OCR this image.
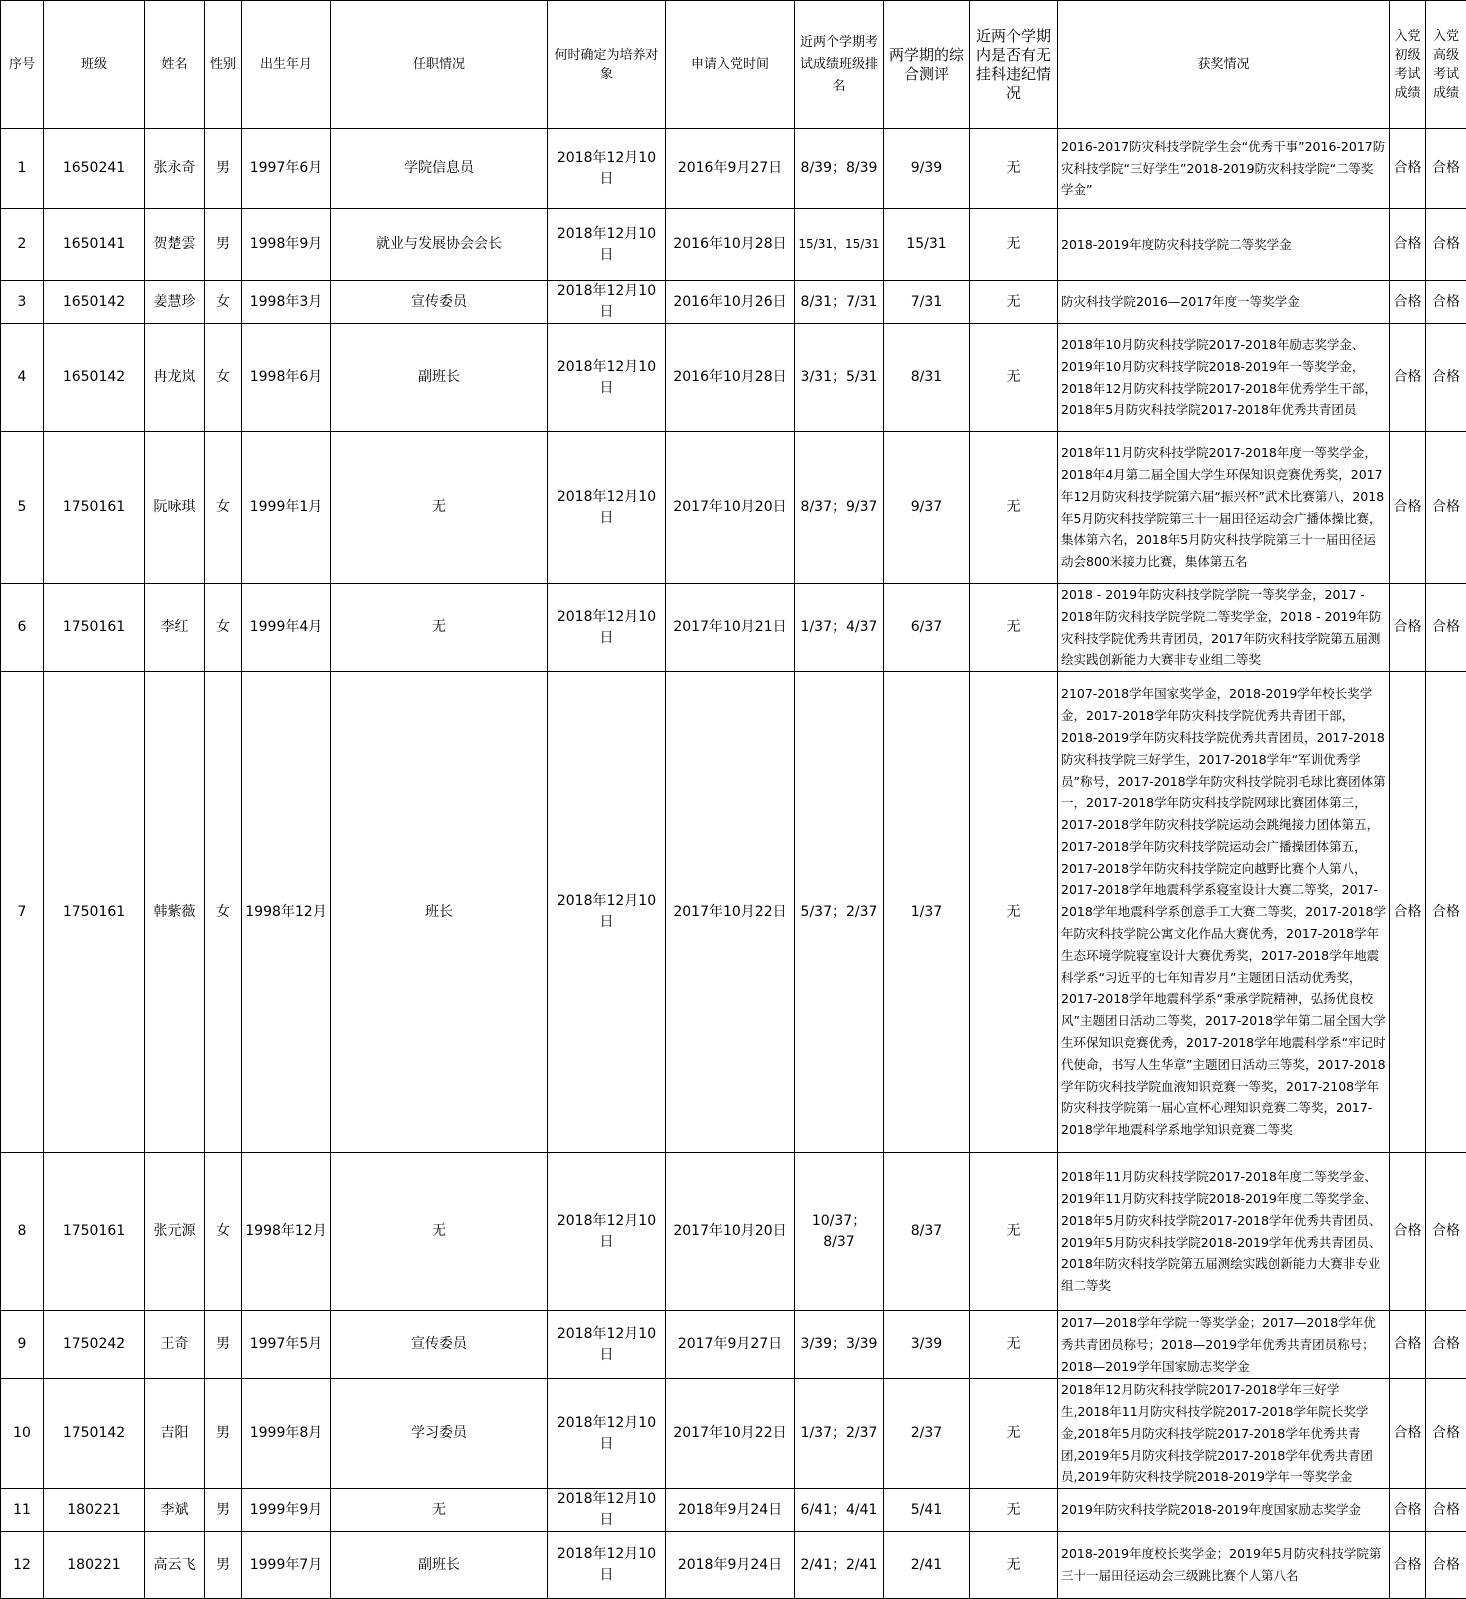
序号	班级	姓名	性别	出生年月	任职情况	何时确定为培养对象	申请入党时间	近两个学期考试成绩班级排名	两学期的综合测评	近两个学期内是否有无挂科违纪情况	获奖情况	入党初级考试成绩	入党高级考试成绩
1	1650241	张永奇	男	1997年6月	学院信息员	2018年12月10日	2016年9月27日	8/39；8/39	9/39	无	2016-2017防灾科技学院学生会“优秀干事”2016-2017防灾科技学院“三好学生”2018-2019防灾科技学院“二等奖学金”	合格	合格
2	1650141	贺楚雲	男	1998年9月	就业与发展协会会长	2018年12月10日	2016年10月28日	15/31，15/31	15/31	无	2018-2019年度防灾科技学院二等奖学金	合格	合格
3	1650142	姜慧珍	女	1998年3月	宣传委员	2018年12月10日	2016年10月26日	8/31；7/31	7/31	无	防灾科技学院2016—2017年度一等奖学金	合格	合格
4	1650142	冉龙岚	女	1998年6月	副班长	2018年12月10日	2016年10月28日	3/31；5/31	8/31	无	2018年10月防灾科技学院2017-2018年励志奖学金、2019年10月防灾科技学院2018-2019年一等奖学金，2018年12月防灾科技学院2017-2018年优秀学生干部，2018年5月防灾科技学院2017-2018年优秀共青团员	合格	合格
5	1750161	阮咏琪	女	1999年1月	无	2018年12月10日	2017年10月20日	8/37；9/37	9/37	无	2018年11月防灾科技学院2017-2018年度一等奖学金，2018年4月第二届全国大学生环保知识竞赛优秀奖，2017年12月防灾科技学院第六届“振兴杯”武术比赛第八，2018年5月防灾科技学院第三十一届田径运动会广播体操比赛，集体第六名，2018年5月防灾科技学院第三十一届田径运动会800米接力比赛，集体第五名	合格	合格
6	1750161	李红	女	1999年4月	无	2018年12月10日	2017年10月21日	1/37；4/37	6/37	无	2018 - 2019年防灾科技学院学院一等奖学金，2017 - 2018年防灾科技学院学院二等奖学金，2018 - 2019年防灾科技学院优秀共青团员，2017年防灾科技学院第五届测绘实践创新能力大赛非专业组二等奖	合格	合格
7	1750161	韩紫薇	女	1998年12月	班长	2018年12月10日	2017年10月22日	5/37；2/37	1/37	无	2107-2018学年国家奖学金，2018-2019学年校长奖学金，2017-2018学年防灾科技学院优秀共青团干部，2018-2019学年防灾科技学院优秀共青团员，2017-2018防灾科技学院三好学生，2017-2018学年“军训优秀学员”称号，2017-2018学年防灾科技学院羽毛球比赛团体第一，2017-2018学年防灾科技学院网球比赛团体第三，2017-2018学年防灾科技学院运动会跳绳接力团体第五，2017-2018学年防灾科技学院运动会广播操团体第五，2017-2018学年防灾科技学院定向越野比赛个人第八，2017-2018学年地震科学系寝室设计大赛二等奖，2017-2018学年地震科学系创意手工大赛二等奖，2017-2018学年防灾科技学院公寓文化作品大赛优秀，2017-2018学年生态环境学院寝室设计大赛优秀奖，2017-2018学年地震科学系“习近平的七年知青岁月”主题团日活动优秀奖，2017-2018学年地震科学系“秉承学院精神，弘扬优良校风”主题团日活动二等奖，2017-2018学年第二届全国大学生环保知识竞赛优秀，2017-2018学年地震科学系“牢记时代使命，书写人生华章”主题团日活动三等奖，2017-2018学年防灾科技学院血液知识竞赛一等奖，2017-2108学年防灾科技学院第一届心宣杯心理知识竞赛二等奖，2017-2018学年地震科学系地学知识竞赛二等奖	合格	合格
8	1750161	张元源	女	1998年12月	无	2018年12月10日	2017年10月20日	10/37；8/37	8/37	无	2018年11月防灾科技学院2017-2018年度二等奖学金、2019年11月防灾科技学院2018-2019年度二等奖学金、2018年5月防灾科技学院2017-2018学年优秀共青团员、2019年5月防灾科技学院2018-2019学年优秀共青团员、2018年防灾科技学院第五届测绘实践创新能力大赛非专业组二等奖	合格	合格
9	1750242	王奇	男	1997年5月	宣传委员	2018年12月10日	2017年9月27日	3/39；3/39	3/39	无	2017—2018学年学院一等奖学金；2017—2018学年优秀共青团员称号；2018—2019学年优秀共青团员称号；2018—2019学年国家励志奖学金	合格	合格
10	1750142	吉阳	男	1999年8月	学习委员	2018年12月10日	2017年10月22日	1/37；2/37	2/37	无	2018年12月防灾科技学院2017-2018学年三好学生,2018年11月防灾科技学院2017-2018学年院长奖学金,2018年5月防灾科技学院2017-2018学年优秀共青团,2019年5月防灾科技学院2017-2018学年优秀共青团员,2019年防灾科技学院2018-2019学年一等奖学金	合格	合格
11	180221	李斌	男	1999年9月	无	2018年12月10日	2018年9月24日	6/41；4/41	5/41	无	2019年防灾科技学院2018-2019年度国家励志奖学金	合格	合格
12	180221	高云飞	男	1999年7月	副班长	2018年12月10日	2018年9月24日	2/41；2/41	2/41	无	2018-2019年度校长奖学金；2019年5月防灾科技学院第三十一届田径运动会三级跳比赛个人第八名	合格	合格
